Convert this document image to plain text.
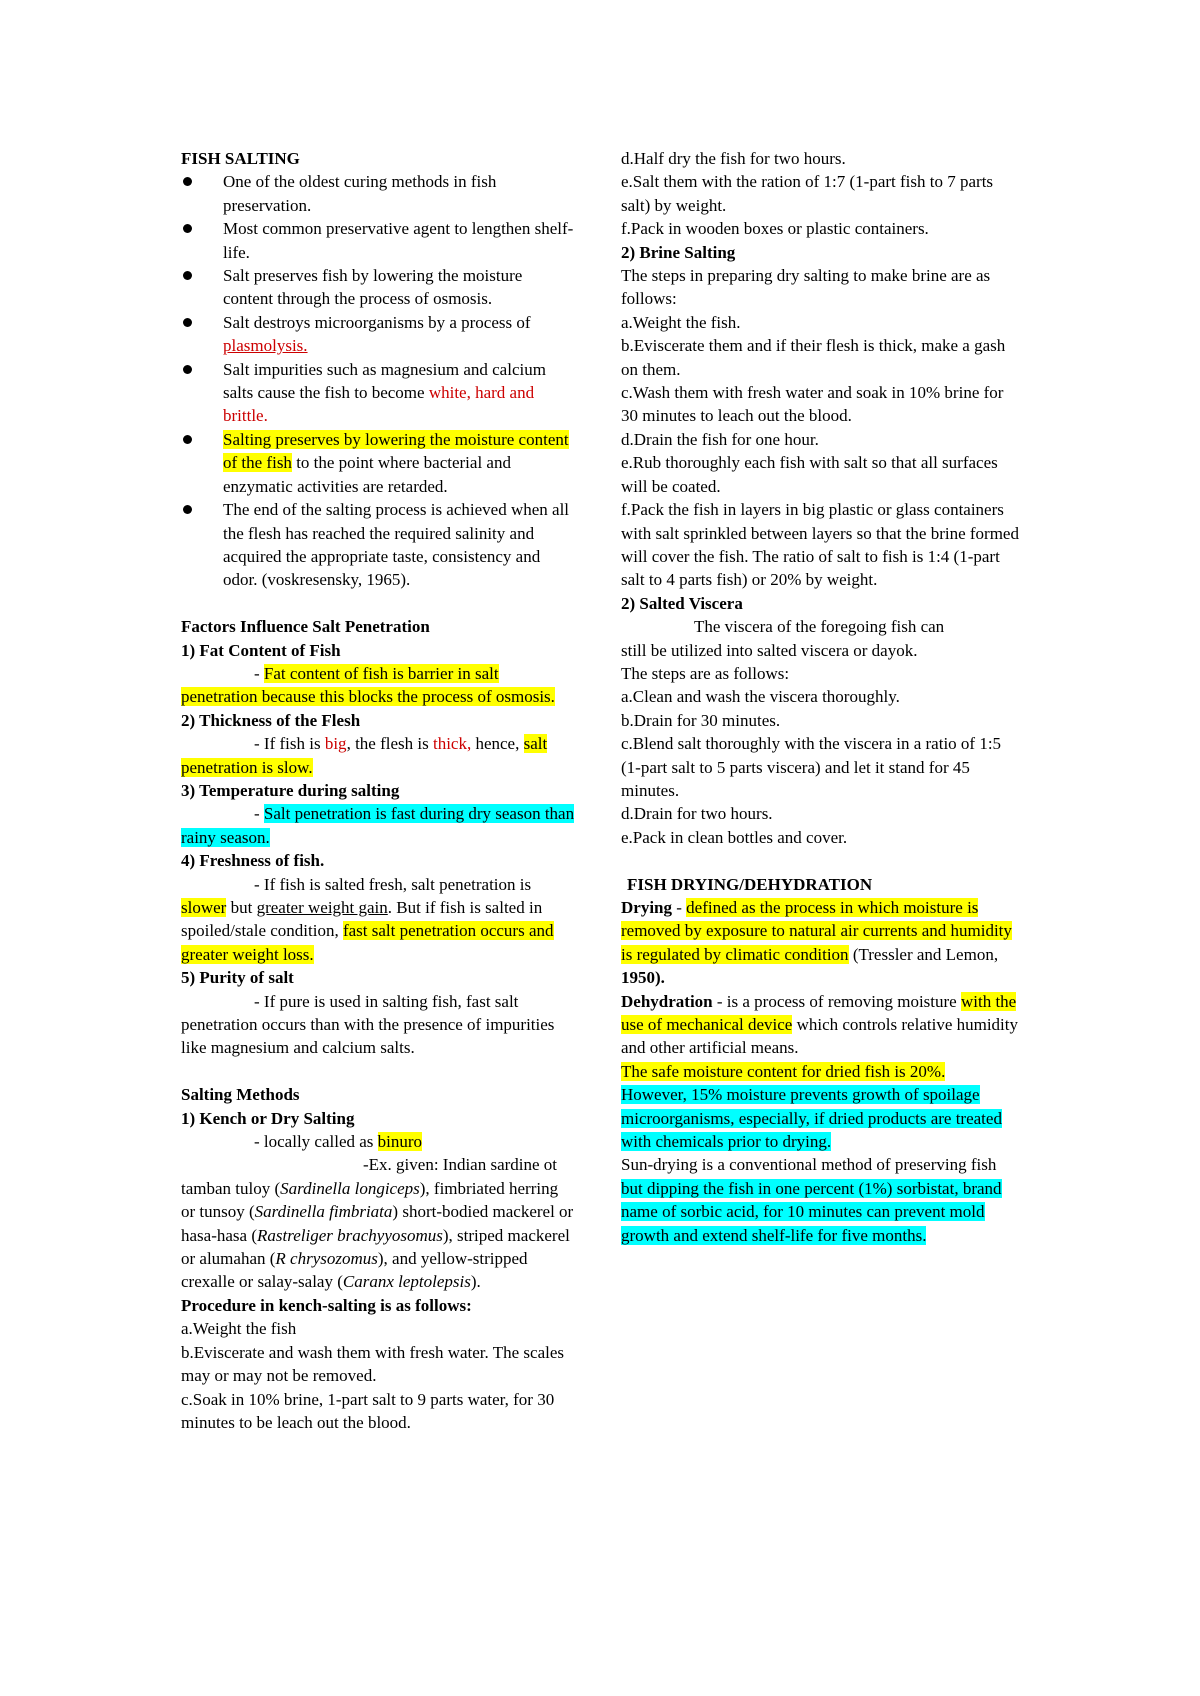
FISH SALTING
One of the oldest curing methods in fish preservation.
Most common preservative agent to lengthen shelf-life.
Salt preserves fish by lowering the moisture content through the process of osmosis.
Salt destroys microorganisms by a process of plasmolysis.
Salt impurities such as magnesium and calcium salts cause the fish to become white, hard and brittle.
Salting preserves by lowering the moisture content of the fish to the point where bacterial and enzymatic activities are retarded.
The end of the salting process is achieved when all the flesh has reached the required salinity and acquired the appropriate taste, consistency and odor. (voskresensky, 1965).
Factors Influence Salt Penetration
1) Fat Content of Fish

- Fat content of fish is barrier in salt penetration because this blocks the process of osmosis.

2) Thickness of the Flesh

- If fish is big, the flesh is thick, hence, salt penetration is slow.

3) Temperature during salting

- Salt penetration is fast during dry season than rainy season.

4) Freshness of fish.

- If fish is salted fresh, salt penetration is slower but greater weight gain. But if fish is salted in spoiled/stale condition, fast salt penetration occurs and greater weight loss.

5) Purity of salt

- If pure is used in salting fish, fast salt penetration occurs than with the presence of impurities like magnesium and calcium salts.

Salting Methods
1) Kench or Dry Salting

- locally called as binuro

-Ex. given: Indian sardine ot

tamban tuloy (Sardinella longiceps), fimbriated herring or tunsoy (Sardinella fimbriata) short-bodied mackerel or hasa-hasa (Rastreliger brachyyosomus), striped mackerel or alumahan (R chrysozomus), and yellow-stripped crexalle or salay-salay (Caranx leptolepsis).

Procedure in kench-salting is as follows:

a.Weight the fish

b.Eviscerate and wash them with fresh water. The scales may or may not be removed.

c.Soak in 10% brine, 1-part salt to 9 parts water, for 30 minutes to be leach out the blood.

d.Half dry the fish for two hours.

e.Salt them with the ration of 1:7 (1-part fish to 7 parts salt) by weight.

f.Pack in wooden boxes or plastic containers.

2) Brine Salting

The steps in preparing dry salting to make brine are as follows:

a.Weight the fish.

b.Eviscerate them and if their flesh is thick, make a gash on them.

c.Wash them with fresh water and soak in 10% brine for 30 minutes to leach out the blood.

d.Drain the fish for one hour.

e.Rub thoroughly each fish with salt so that all surfaces will be coated.

f.Pack the fish in layers in big plastic or glass containers with salt sprinkled between layers so that the brine formed will cover the fish. The ratio of salt to fish is 1:4 (1-part salt to 4 parts fish) or 20% by weight.

2) Salted Viscera

The viscera of the foregoing fish can

still be utilized into salted viscera or dayok.

The steps are as follows:

a.Clean and wash the viscera thoroughly.

b.Drain for 30 minutes.

c.Blend salt thoroughly with the viscera in a ratio of 1:5 (1-part salt to 5 parts viscera) and let it stand for 45 minutes.

d.Drain for two hours.

e.Pack in clean bottles and cover.

FISH DRYING/DEHYDRATION

Drying - defined as the process in which moisture is removed by exposure to natural air currents and humidity is regulated by climatic condition (Tressler and Lemon, 1950).

Dehydration - is a process of removing moisture with the use of mechanical device which controls relative humidity and other artificial means.

The safe moisture content for dried fish is 20%.

However, 15% moisture prevents growth of spoilage microorganisms, especially, if dried products are treated with chemicals prior to drying.

Sun-drying is a conventional method of preserving fish but dipping the fish in one percent (1%) sorbistat, brand name of sorbic acid, for 10 minutes can prevent mold growth and extend shelf-life for five months.
